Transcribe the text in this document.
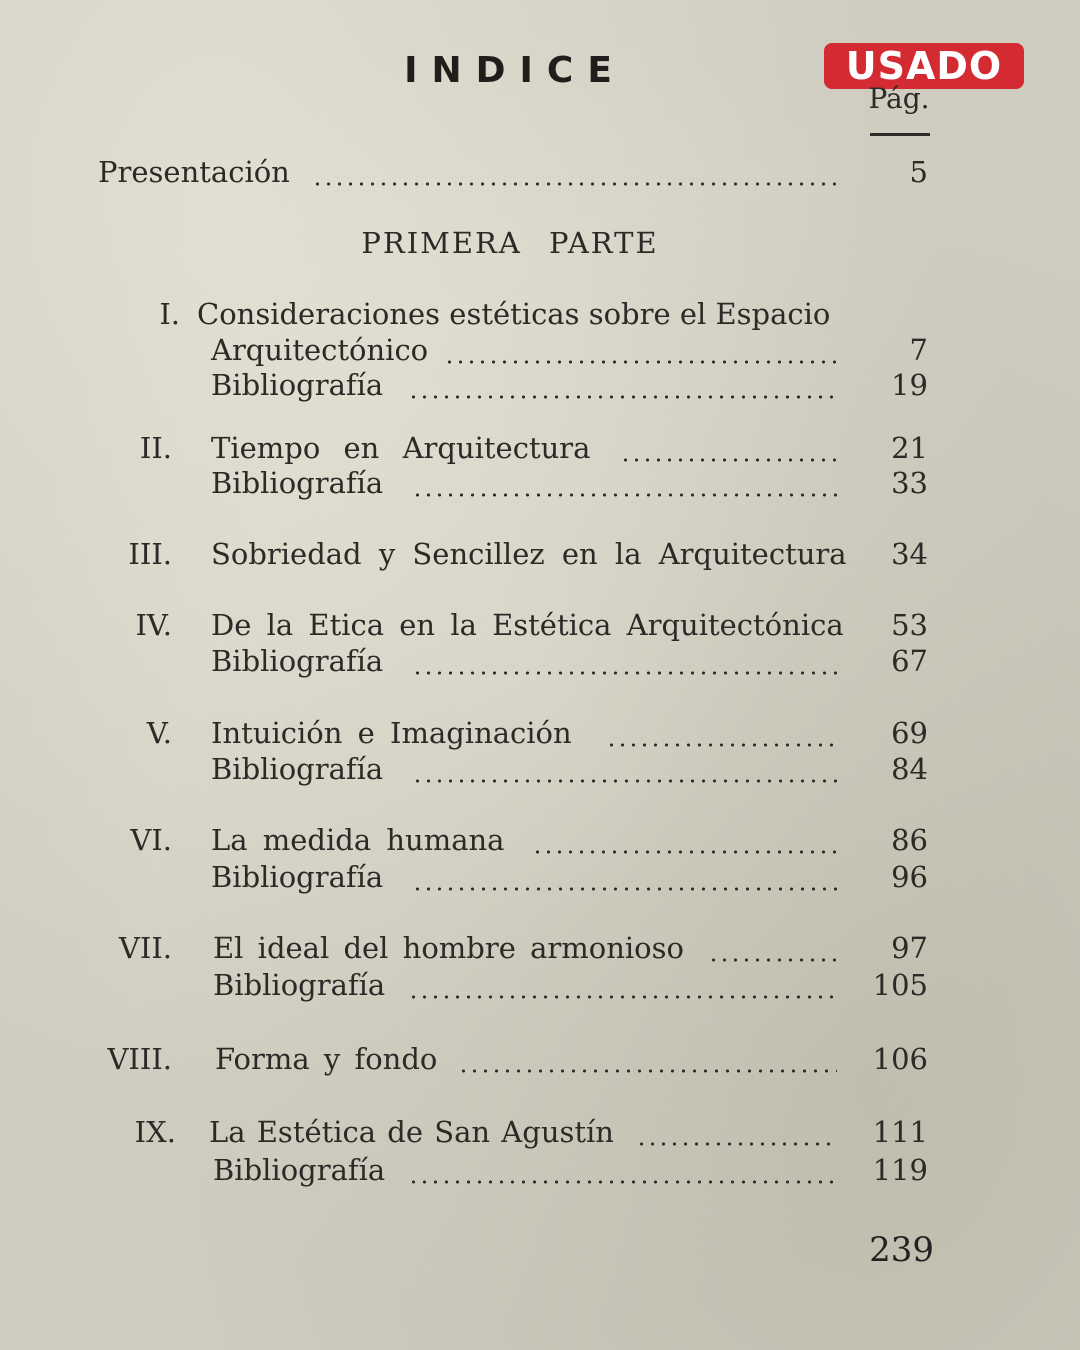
INDICE	USADO
Pág.
Presentación	5
PRIMERA PARTE
I. Consideraciones estéticas sobre el Espacio
Arquitectónico	7
Bibliografía	19
II. Tiempo en Arquitectura	21
Bibliografía	33
III. Sobriedad y Sencillez en la Arquitectura	34
IV. De la Etica en la Estética Arquitectónica	53
Bibliografía	67
V. Intuición e Imaginación	69
Bibliografía	84
VI. La medida humana	86
Bibliografía	96
VII. El ideal del hombre armonioso	97
Bibliografía	105
VIII. Forma y fondo	106
IX. La Estética de San Agustín	111
Bibliografía	119
239
